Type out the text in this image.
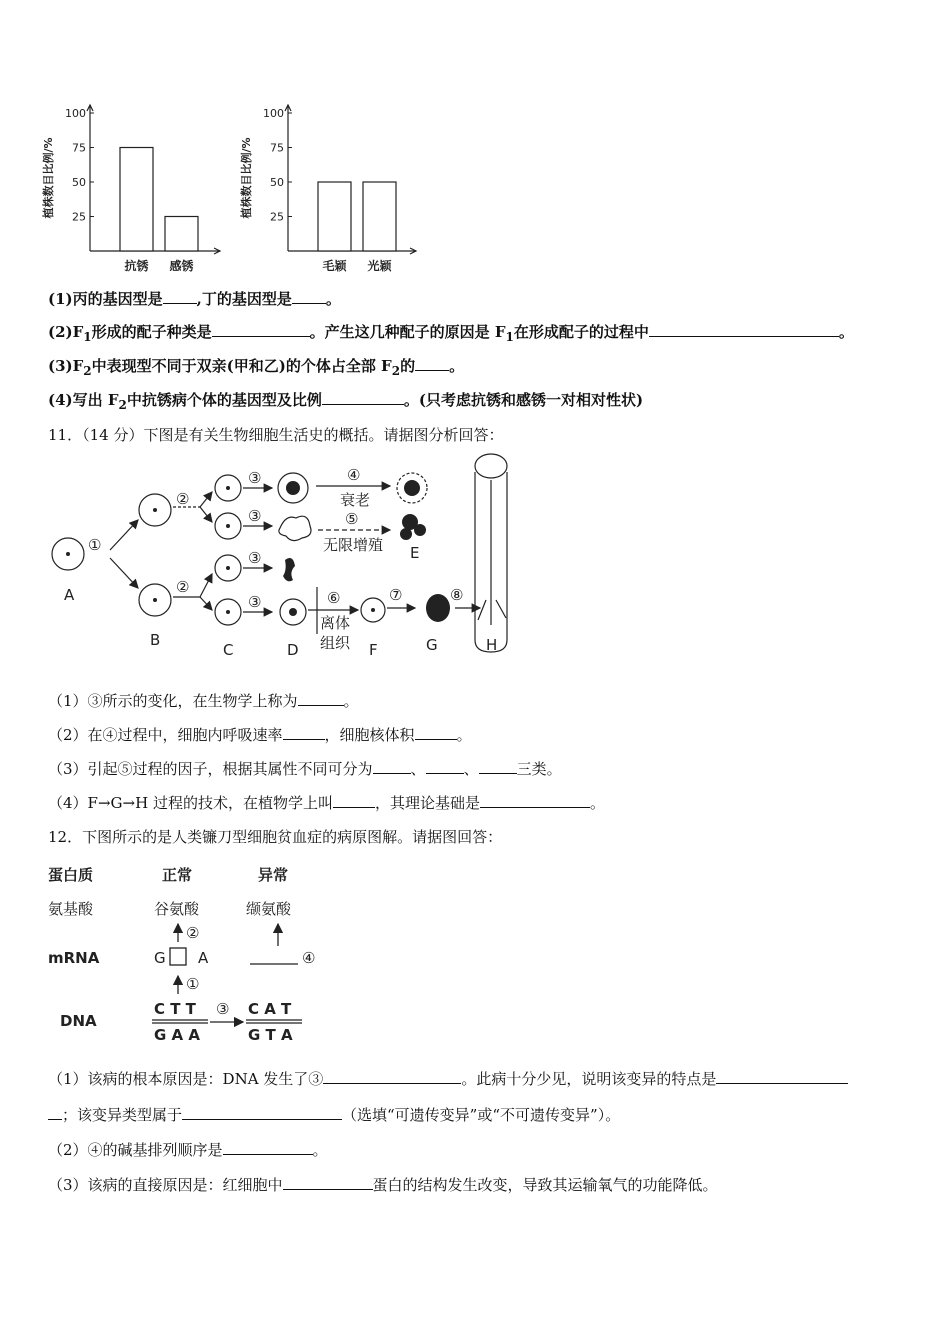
25
50
75
100
植株数目比例/%
抗锈 感锈
25
50
75
100
植株数目比例/%
毛颖 光颖
(1)丙的基因型是 ,丁的基因型是 。
$(2)F_1$形成的配子种类是	。产生这几种配子的原因是 $F_1$在形成配子的过程中	。
$(3)F_2$中表现型不同于双亲(甲和乙)的个体占全部 $F_2$的 。
(4)写出 $F_2$中抗锈病个体的基因型及比例	。(只考虑抗锈和感锈一对相对性状)
11．（14 分）下图是有关生物细胞生活史的概括。请据图分析回答：
A
B
C	D
E
F	G	H
①
②
②
③
③
③
③
④
⑤
⑥	⑦	⑧
衰老
无限增殖
离体
组织
（1）③所示的变化，在生物学上称为	。
（2）在④过程中，细胞内呼吸速率	，细胞核体积	。
（3）引起⑤过程的因子，根据其属性不同可分为	、	、	三类。
（4）F→G→H 过程的技术，在植物学上叫	，其理论基础是	。
12．下图所示的是人类镰刀型细胞贫血症的病原图解。请据图回答：
蛋白质	正常	异常
氨基酸	谷氨酸	缬氨酸
②
mRNA	G A	④
①
DNA
C T T
G A A
③ C A T
G T A
（1）该病的根本原因是：DNA 发生了③	。此病十分少见，说明该变异的特点是
；该变异类型属于	（选填“可遗传变异”或“不可遗传变异”）。
（2）④的碱基排列顺序是	。
（3）该病的直接原因是：红细胞中	蛋白的结构发生改变，导致其运输氧气的功能降低。
